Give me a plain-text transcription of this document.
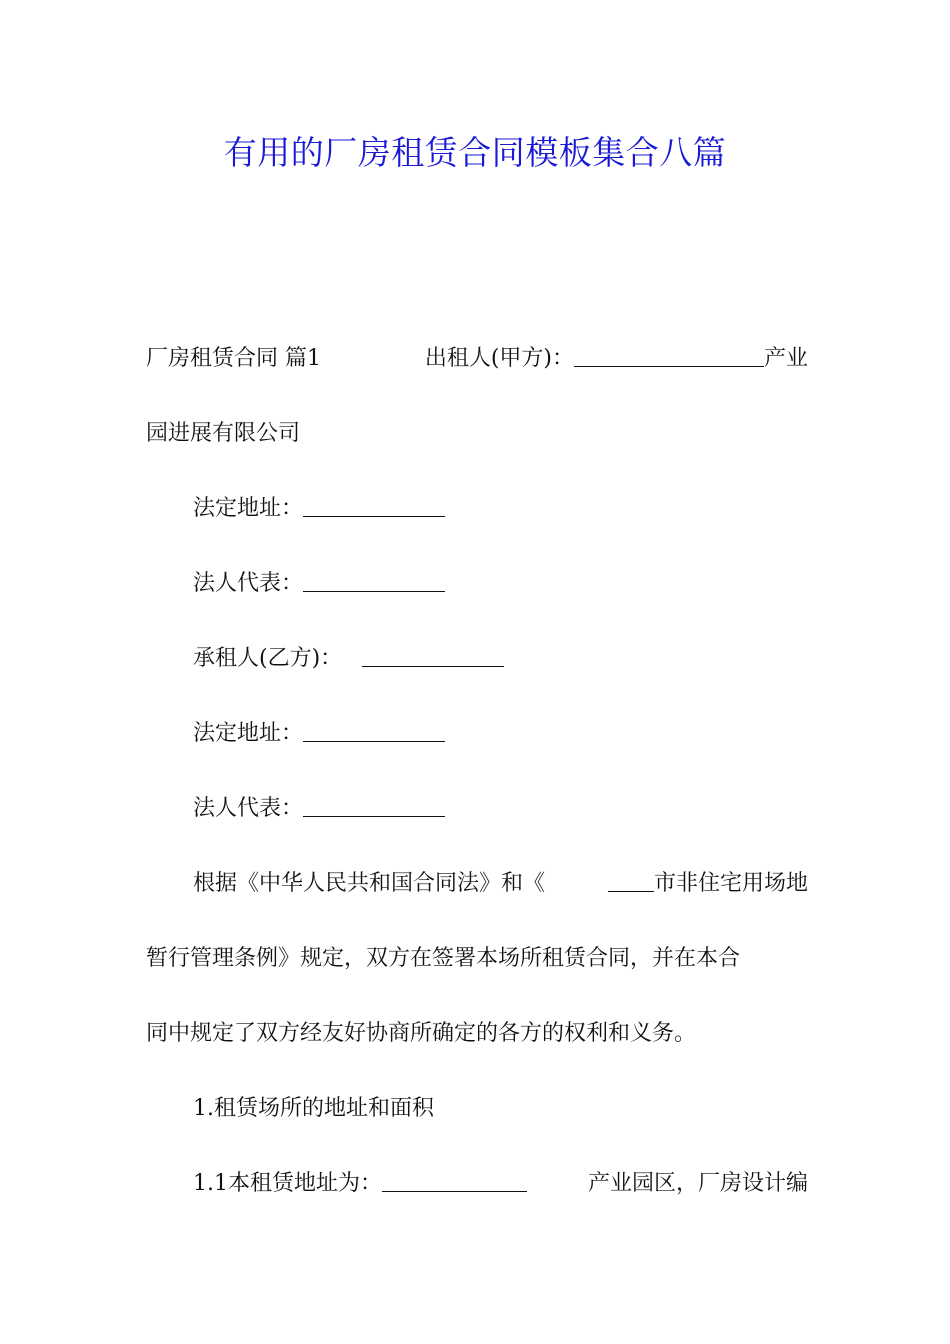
有用的厂房租赁合同模板集合八篇
厂房租赁合同 篇1	出租人(甲方)：	产业
园进展有限公司
法定地址：
法人代表：
承租人(乙方)：
法定地址：
法人代表：
根据《中华人民共和国合同法》和《	市非住宅用场地
暂行管理条例》规定，双方在签署本场所租赁合同，并在本合
同中规定了双方经友好协商所确定的各方的权利和义务。
1.租赁场所的地址和面积
1.1本租赁地址为：	产业园区，厂房设计编
